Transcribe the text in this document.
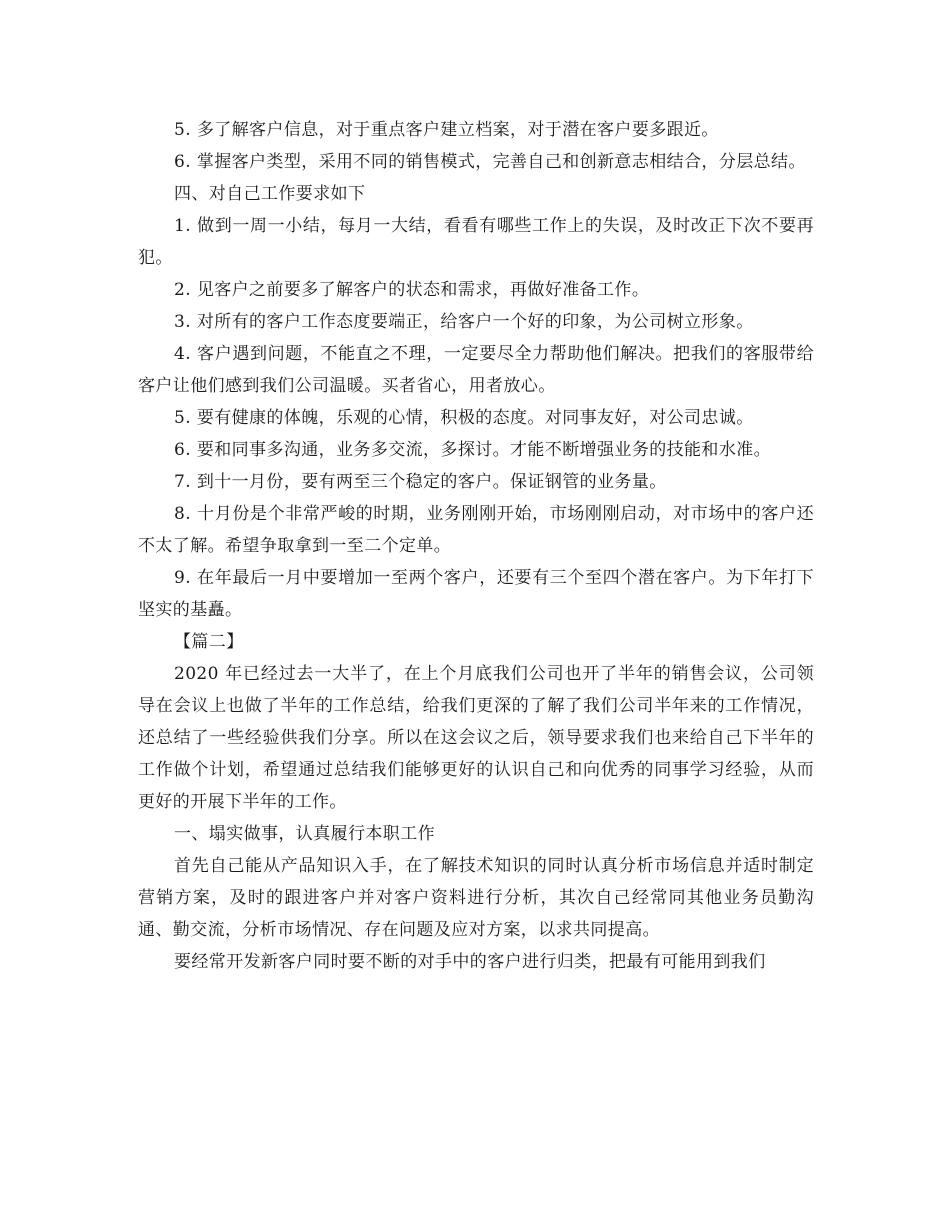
5. 多了解客户信息，对于重点客户建立档案，对于潜在客户要多跟近。

6. 掌握客户类型，采用不同的销售模式，完善自己和创新意志相结合，分层总结。

四、对自己工作要求如下

1. 做到一周一小结，每月一大结，看看有哪些工作上的失误，及时改正下次不要再犯。

2. 见客户之前要多了解客户的状态和需求，再做好准备工作。

3. 对所有的客户工作态度要端正，给客户一个好的印象，为公司树立形象。

4. 客户遇到问题，不能直之不理，一定要尽全力帮助他们解决。把我们的客服带给客户让他们感到我们公司温暖。买者省心，用者放心。

5. 要有健康的体魄，乐观的心情，积极的态度。对同事友好，对公司忠诚。

6. 要和同事多沟通，业务多交流，多探讨。才能不断增强业务的技能和水准。

7. 到十一月份，要有两至三个稳定的客户。保证钢管的业务量。

8. 十月份是个非常严峻的时期，业务刚刚开始，市场刚刚启动，对市场中的客户还不太了解。希望争取拿到一至二个定单。

9. 在年最后一月中要增加一至两个客户，还要有三个至四个潜在客户。为下年打下坚实的基矗。

【篇二】

2020 年已经过去一大半了，在上个月底我们公司也开了半年的销售会议，公司领导在会议上也做了半年的工作总结，给我们更深的了解了我们公司半年来的工作情况，还总结了一些经验供我们分享。所以在这会议之后，领导要求我们也来给自己下半年的工作做个计划，希望通过总结我们能够更好的认识自己和向优秀的同事学习经验，从而更好的开展下半年的工作。

一、塌实做事，认真履行本职工作

首先自己能从产品知识入手，在了解技术知识的同时认真分析市场信息并适时制定营销方案，及时的跟进客户并对客户资料进行分析，其次自己经常同其他业务员勤沟通、勤交流，分析市场情况、存在问题及应对方案，以求共同提高。

要经常开发新客户同时要不断的对手中的客户进行归类，把最有可能用到我们
